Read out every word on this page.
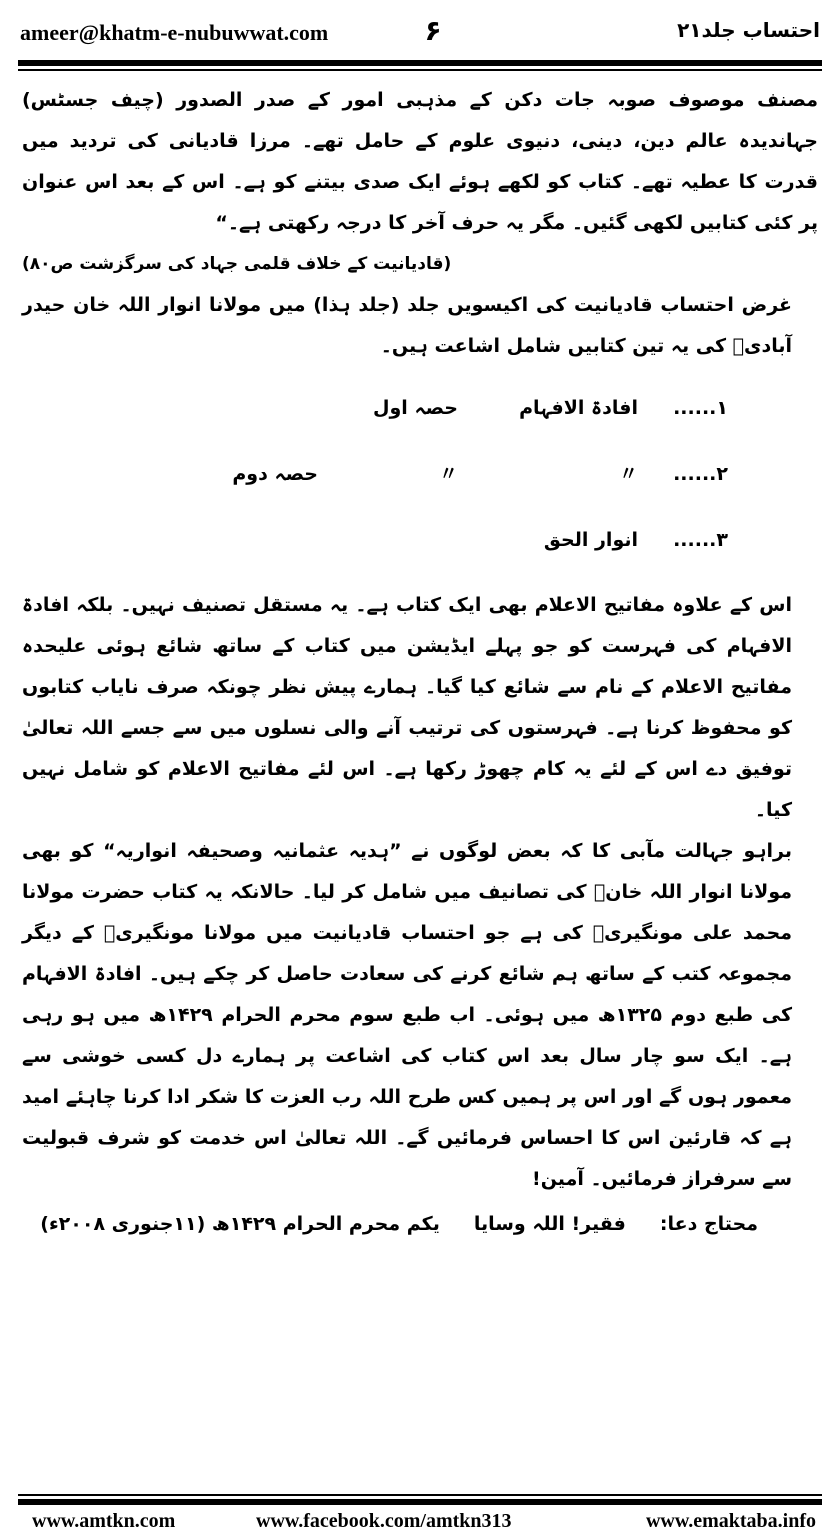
ameer@khatm-e-nubuwwat.com	۶	احتساب جلد۲۱

مصنف موصوف صوبہ جات دکن کے مذہبی امور کے صدر الصدور (چیف جسٹس) جہاندیدہ عالم دین، دینی، دنیوی علوم کے حامل تھے۔ مرزا قادیانی کی تردید میں قدرت کا عطیہ تھے۔ کتاب کو لکھے ہوئے ایک صدی بیتنے کو ہے۔ اس کے بعد اس عنوان پر کئی کتابیں لکھی گئیں۔ مگر یہ حرف آخر کا درجہ رکھتی ہے۔“

(قادیانیت کے خلاف قلمی جہاد کی سرگزشت ص۸۰)

غرض احتساب قادیانیت کی اکیسویں جلد (جلد ہذا) میں مولانا انوار اللہ خان حیدر آبادیؒ کی یہ تین کتابیں شامل اشاعت ہیں۔

۱......
افادۃ الافہام
حصہ اول
۲......
〃
〃
حصہ دوم
۳......
انوار الحق

اس کے علاوہ مفاتیح الاعلام بھی ایک کتاب ہے۔ یہ مستقل تصنیف نہیں۔ بلکہ افادۃ الافہام کی فہرست کو جو پہلے ایڈیشن میں کتاب کے ساتھ شائع ہوئی علیحدہ مفاتیح الاعلام کے نام سے شائع کیا گیا۔ ہمارے پیش نظر چونکہ صرف نایاب کتابوں کو محفوظ کرنا ہے۔ فہرستوں کی ترتیب آنے والی نسلوں میں سے جسے اللہ تعالیٰ توفیق دے اس کے لئے یہ کام چھوڑ رکھا ہے۔ اس لئے مفاتیح الاعلام کو شامل نہیں کیا۔

براہو جہالت مآبی کا کہ بعض لوگوں نے ”ہدیہ عثمانیہ وصحیفہ انواریہ“ کو بھی مولانا انوار اللہ خانؒ کی تصانیف میں شامل کر لیا۔ حالانکہ یہ کتاب حضرت مولانا محمد علی مونگیریؒ کی ہے جو احتساب قادیانیت میں مولانا مونگیریؒ کے دیگر مجموعہ کتب کے ساتھ ہم شائع کرنے کی سعادت حاصل کر چکے ہیں۔ افادۃ الافہام کی طبع دوم ۱۳۲۵ھ میں ہوئی۔ اب طبع سوم محرم الحرام ۱۴۲۹ھ میں ہو رہی ہے۔ ایک سو چار سال بعد اس کتاب کی اشاعت پر ہمارے دل کسی خوشی سے معمور ہوں گے اور اس پر ہمیں کس طرح اللہ رب العزت کا شکر ادا کرنا چاہئے امید ہے کہ قارئین اس کا احساس فرمائیں گے۔ اللہ تعالیٰ اس خدمت کو شرف قبولیت سے سرفراز فرمائیں۔ آمین!

محتاج دعا:
فقیر! اللہ وسایا
یکم محرم الحرام ۱۴۲۹ھ (۱۱جنوری ۲۰۰۸ء)
www.amtkn.com	www.facebook.com/amtkn313	www.emaktaba.info
